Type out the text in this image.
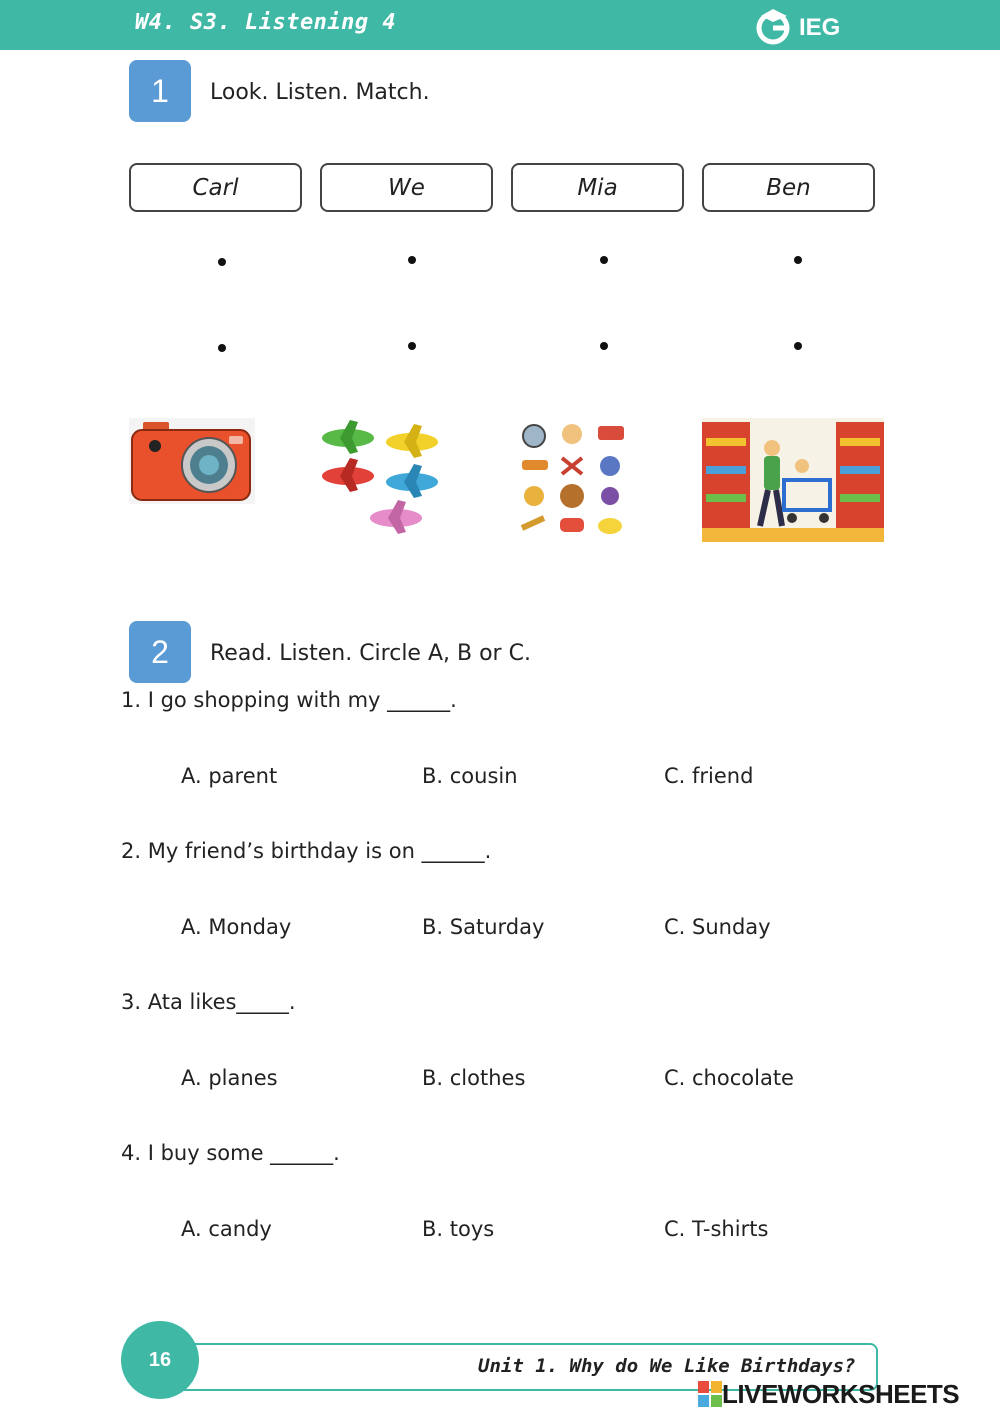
W4. S3. Listening 4	IEG
1	Look. Listen. Match.
Carl	We	Mia	Ben
2	Read. Listen. Circle A, B or C.
1. I go shopping with my ______.
A. parent	B. cousin	C. friend
2. My friend’s birthday is on ______.
A. Monday	B. Saturday	C. Sunday
3. Ata likes_____.
A. planes	B. clothes	C. chocolate
4. I buy some ______.
A. candy	B. toys	C. T-shirts
16	Unit 1. Why do We Like Birthdays?
LIVEWORKSHEETS
